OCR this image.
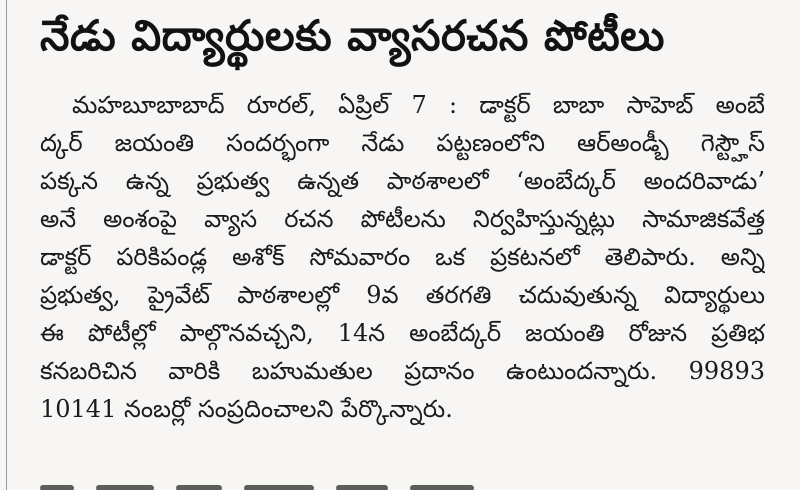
నేడు విద్యార్థులకు వ్యాసరచన పోటీలు
మహబూబాబాద్ రూరల్, ఏప్రిల్ 7 : డాక్టర్ బాబా సాహెబ్ అంబే
ద్కర్ జయంతి సందర్భంగా నేడు పట్టణంలోని ఆర్అండ్బీ గెస్ట్హౌస్
పక్కన ఉన్న ప్రభుత్వ ఉన్నత పాఠశాలలో ‘అంబేద్కర్ అందరివాడు’
అనే అంశంపై వ్యాస రచన పోటీలను నిర్వహిస్తున్నట్లు సామాజికవేత్త
డాక్టర్ పరికిపండ్ల అశోక్ సోమవారం ఒక ప్రకటనలో తెలిపారు. అన్ని
ప్రభుత్వ, ప్రైవేట్ పాఠశాలల్లో 9వ తరగతి చదువుతున్న విద్యార్థులు
ఈ పోటీల్లో పాల్గొనవచ్చని, 14న అంబేద్కర్ జయంతి రోజున ప్రతిభ
కనబరిచిన వారికి బహుమతుల ప్రదానం ఉంటుందన్నారు. 99893
10141 నంబర్లో సంప్రదించాలని పేర్కొన్నారు.
